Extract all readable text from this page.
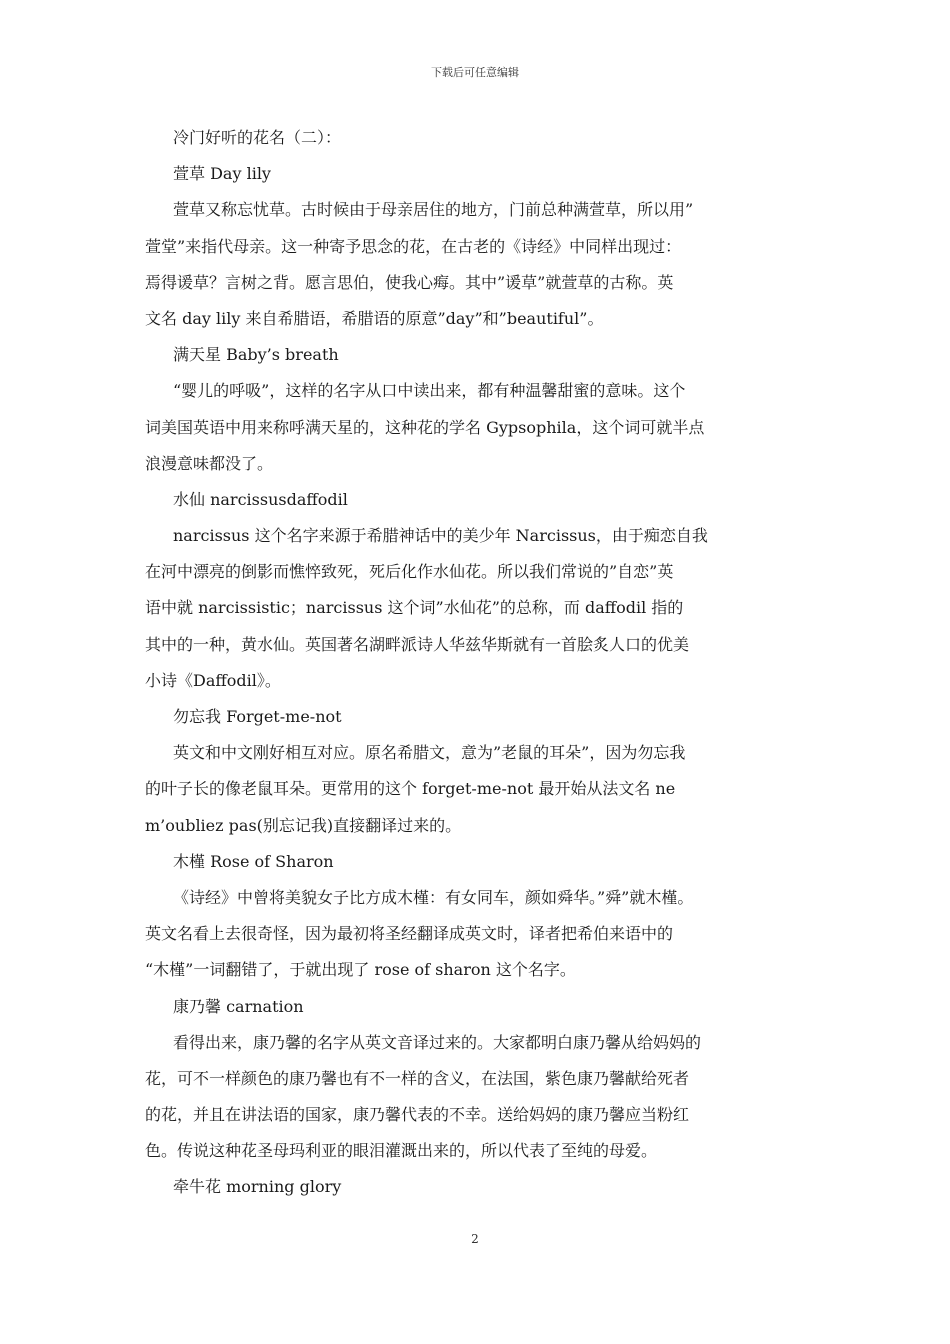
下载后可任意编辑
冷门好听的花名（二）：
萱草 Day lily
萱草又称忘忧草。古时候由于母亲居住的地方，门前总种满萱草，所以用”
萱堂”来指代母亲。这一种寄予思念的花，在古老的《诗经》中同样出现过：
焉得谖草？言树之背。愿言思伯，使我心痗。其中”谖草”就萱草的古称。英
文名 day lily 来自希腊语，希腊语的原意”day”和”beautiful”。
满天星 Baby’s breath
“婴儿的呼吸”，这样的名字从口中读出来，都有种温馨甜蜜的意味。这个
词美国英语中用来称呼满天星的，这种花的学名 Gypsophila，这个词可就半点
浪漫意味都没了。
水仙 narcissusdaffodil
narcissus 这个名字来源于希腊神话中的美少年 Narcissus，由于痴恋自我
在河中漂亮的倒影而憔悴致死，死后化作水仙花。所以我们常说的”自恋”英
语中就 narcissistic；narcissus 这个词”水仙花”的总称，而 daffodil 指的
其中的一种，黄水仙。英国著名湖畔派诗人华兹华斯就有一首脍炙人口的优美
小诗《Daffodil》。
勿忘我 Forget-me-not
英文和中文刚好相互对应。原名希腊文，意为”老鼠的耳朵”，因为勿忘我
的叶子长的像老鼠耳朵。更常用的这个 forget-me-not 最开始从法文名 ne
m’oubliez pas(别忘记我)直接翻译过来的。
木槿 Rose of Sharon
《诗经》中曾将美貌女子比方成木槿：有女同车，颜如舜华。”舜”就木槿。
英文名看上去很奇怪，因为最初将圣经翻译成英文时，译者把希伯来语中的
“木槿”一词翻错了，于就出现了 rose of sharon 这个名字。
康乃馨 carnation
看得出来，康乃馨的名字从英文音译过来的。大家都明白康乃馨从给妈妈的
花，可不一样颜色的康乃馨也有不一样的含义，在法国，紫色康乃馨献给死者
的花，并且在讲法语的国家，康乃馨代表的不幸。送给妈妈的康乃馨应当粉红
色。传说这种花圣母玛利亚的眼泪灌溉出来的，所以代表了至纯的母爱。
牵牛花 morning glory
2
